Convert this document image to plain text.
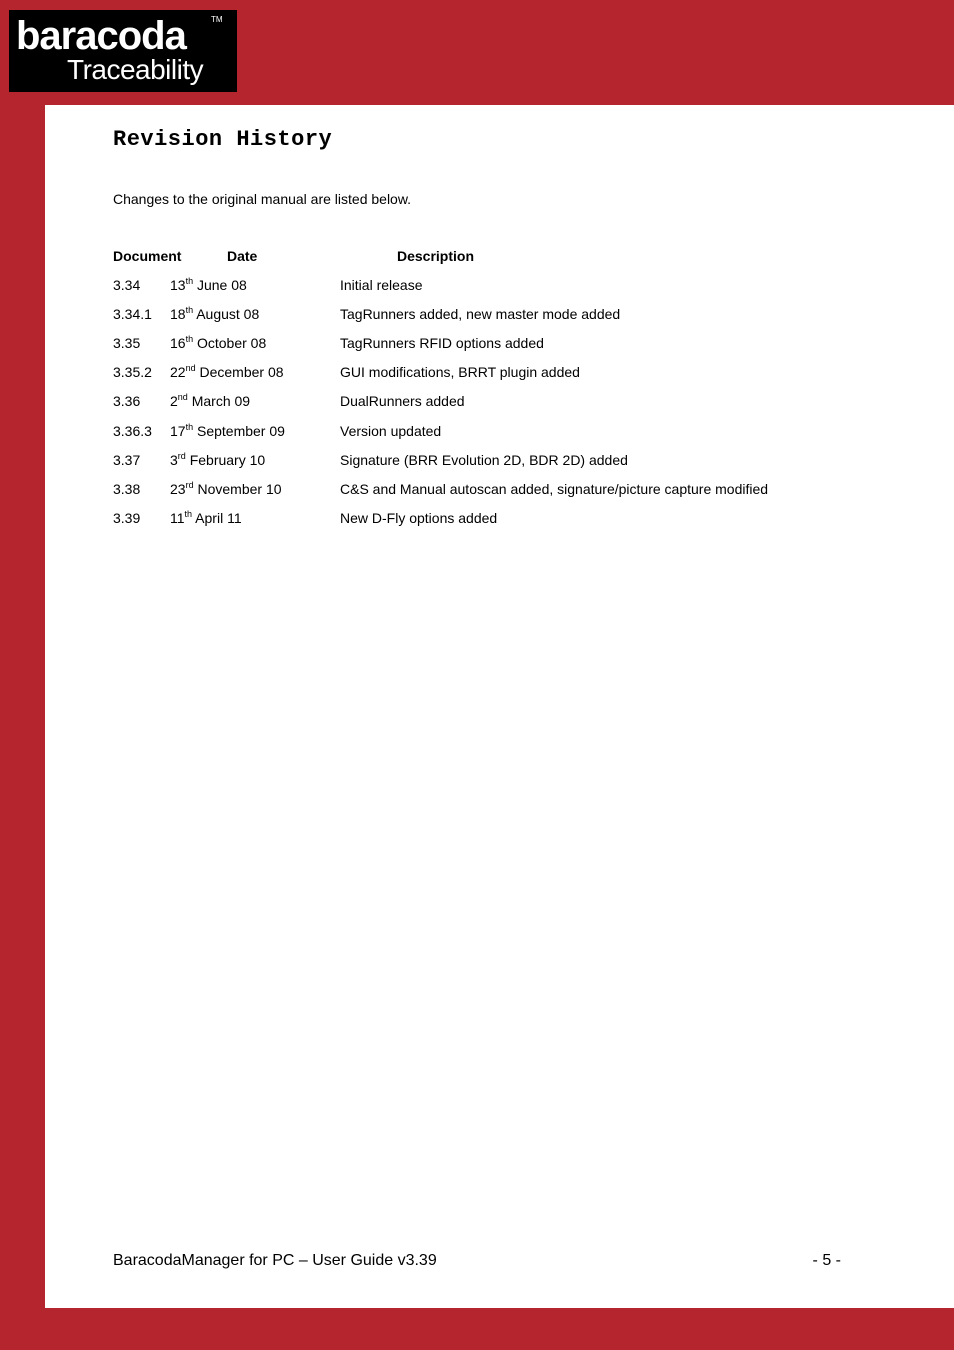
baracoda	TM
Traceability
Revision History
Changes to the original manual are listed below.
Document	Date	Description
3.34 13th June 08	Initial release
3.34.1 18th August 08	TagRunners added, new master mode added
3.35 16th October 08	TagRunners RFID options added
3.35.2 22nd December 08	GUI modifications, BRRT plugin added
3.36 2nd March 09	DualRunners added
3.36.3 17th September 09	Version updated
3.37 3rd February 10	Signature (BRR Evolution 2D, BDR 2D) added
3.38 23rd November 10	C&S and Manual autoscan added, signature/picture capture modified
3.39 11th April 11	New D-Fly options added
BaracodaManager for PC – User Guide v3.39	- 5 -
